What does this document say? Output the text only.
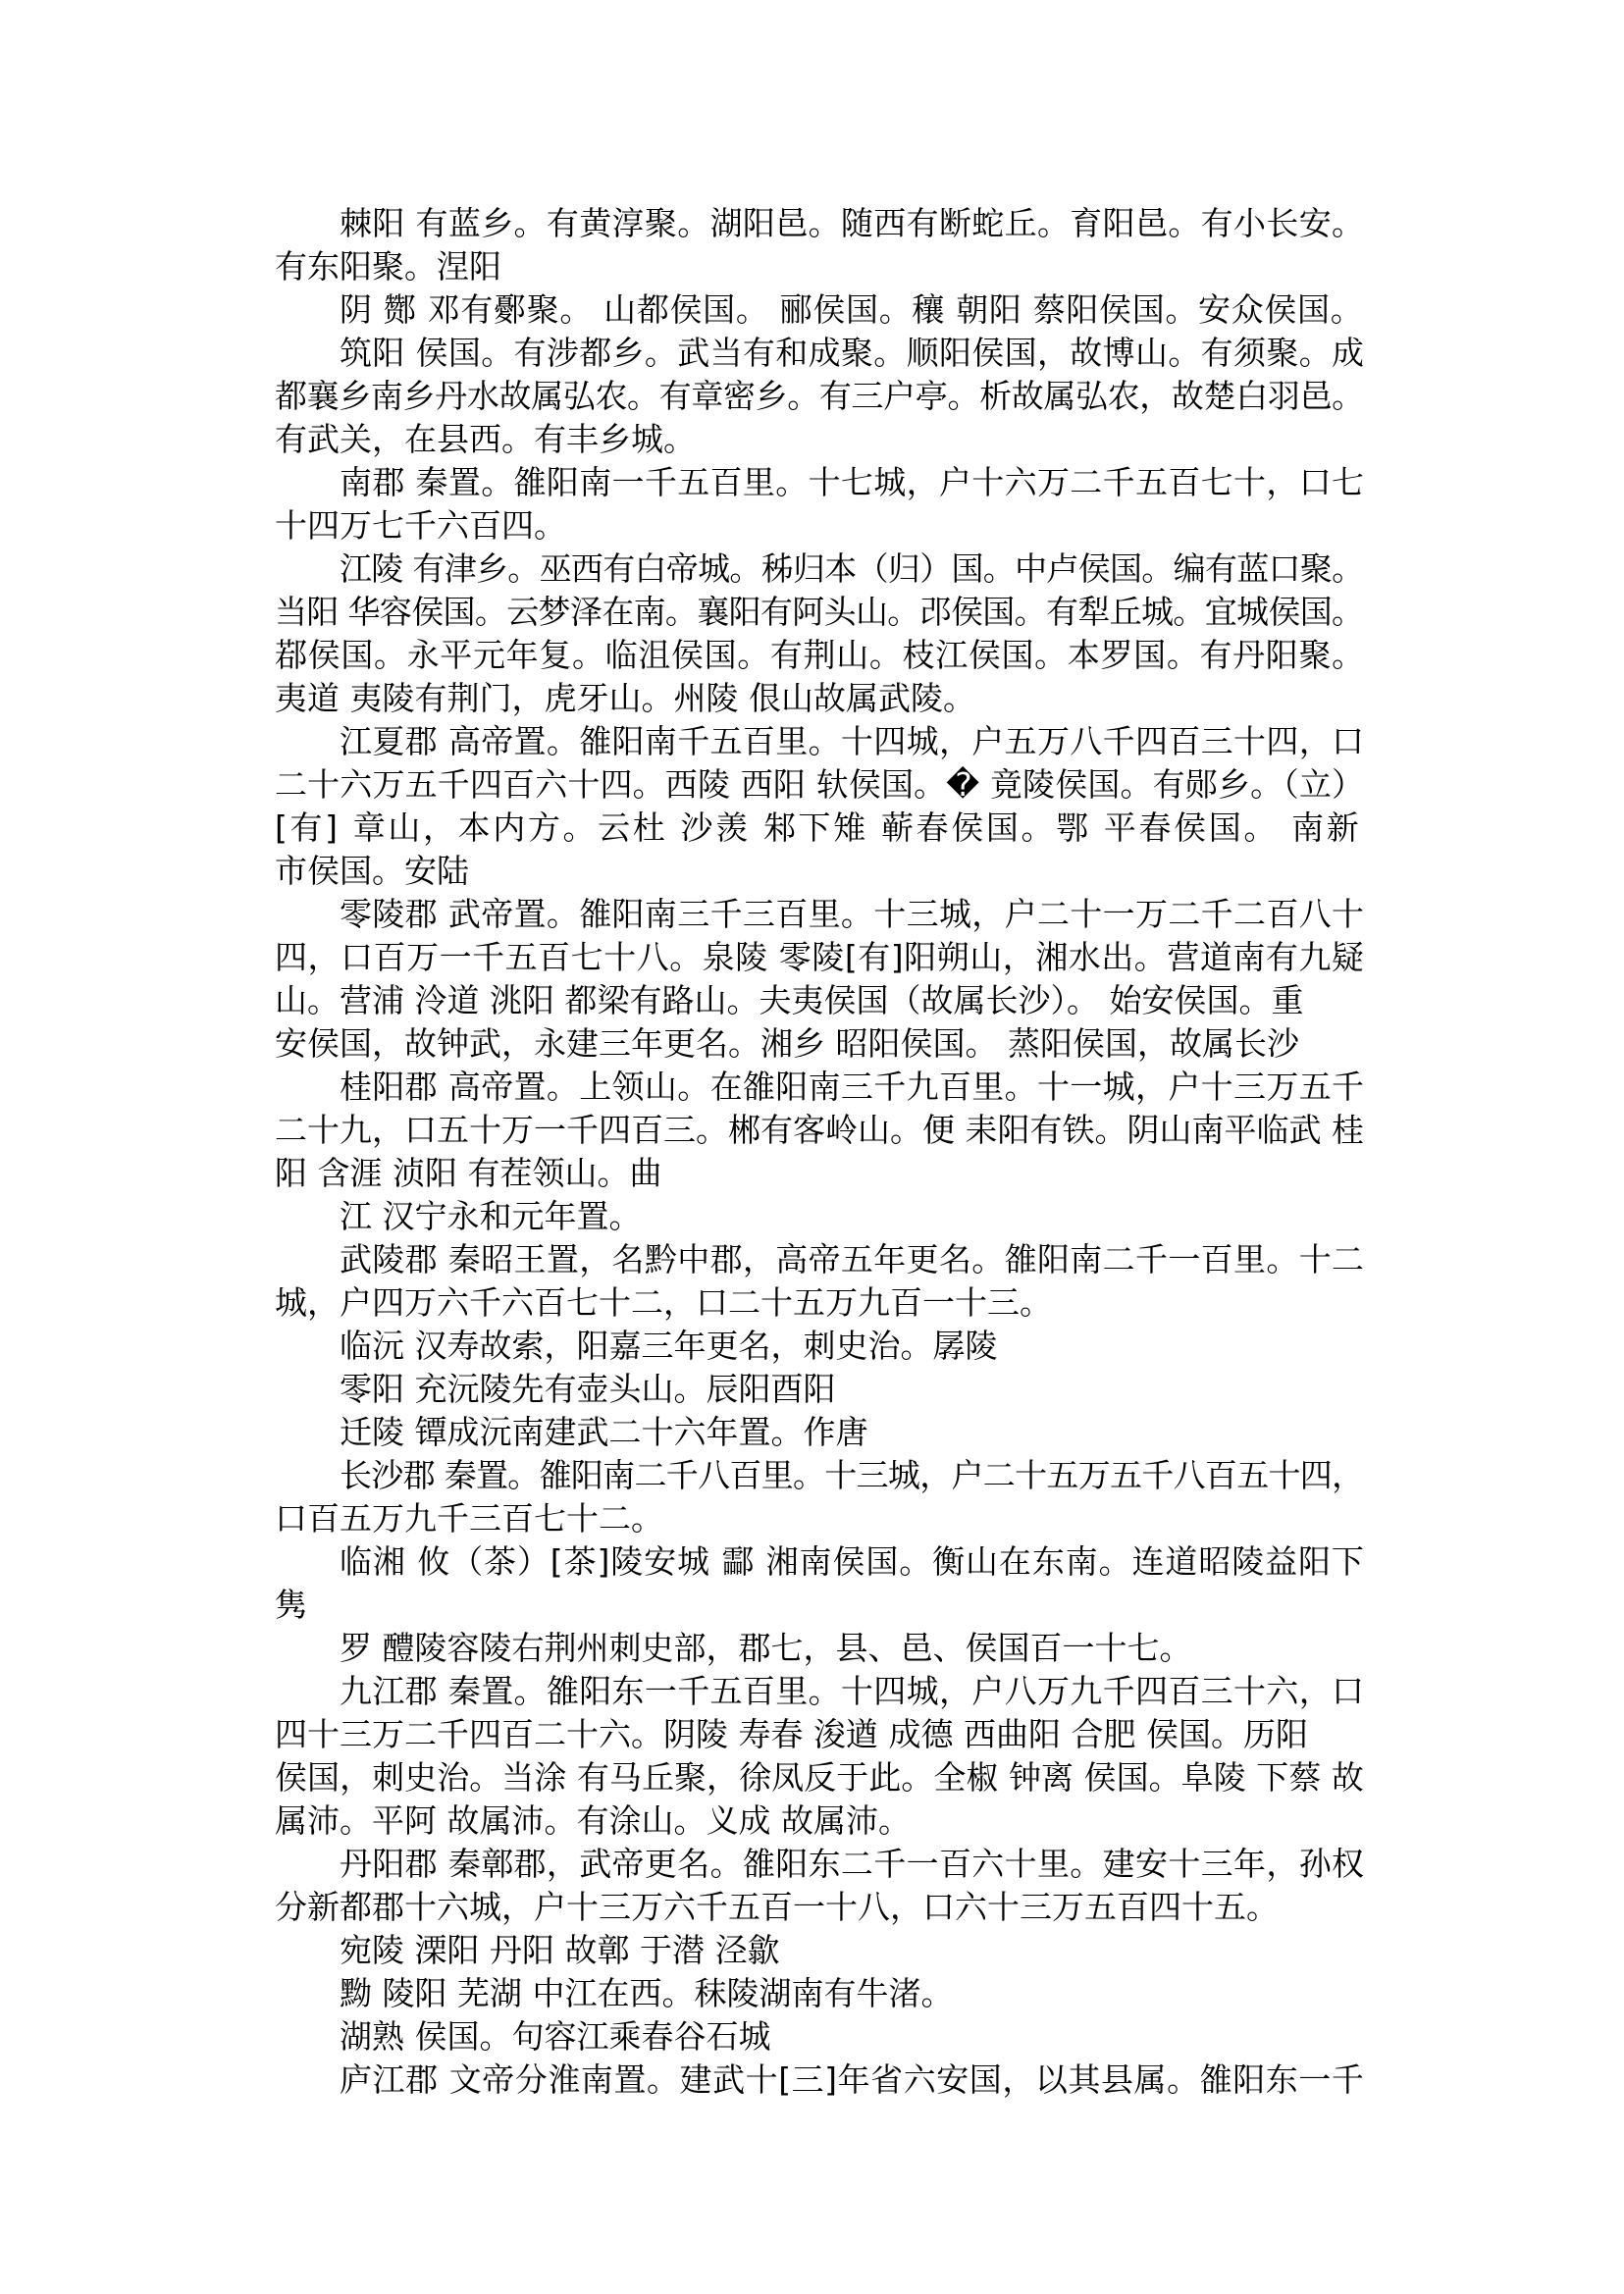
棘阳 有蓝乡。有黄淳聚。湖阳邑。随西有断蛇丘。育阳邑。有小长安。
有东阳聚。涅阳
阴 酂 邓有鄾聚。 山都侯国。 郦侯国。穰 朝阳 蔡阳侯国。安众侯国。
筑阳 侯国。有涉都乡。武当有和成聚。顺阳侯国，故博山。有须聚。成
都襄乡南乡丹水故属弘农。有章密乡。有三户亭。析故属弘农，故楚白羽邑。
有武关，在县西。有丰乡城。
南郡 秦置。雒阳南一千五百里。十七城，户十六万二千五百七十，口七
十四万七千六百四。
江陵 有津乡。巫西有白帝城。秭归本（归）国。中卢侯国。编有蓝口聚。
当阳 华容侯国。云梦泽在南。襄阳有阿头山。邔侯国。有犁丘城。宜城侯国。
鄀侯国。永平元年复。临沮侯国。有荆山。枝江侯国。本罗国。有丹阳聚。
夷道 夷陵有荆门，虎牙山。州陵 佷山故属武陵。
江夏郡 高帝置。雒阳南千五百里。十四城，户五万八千四百三十四，口
二十六万五千四百六十四。西陵 西阳 轪侯国。� 竟陵侯国。有郧乡。（立）
[有] 章山，本内方。云杜 沙羡 邾下雉 蕲春侯国。鄂 平春侯国。 南新
市侯国。安陆
零陵郡 武帝置。雒阳南三千三百里。十三城，户二十一万二千二百八十
四，口百万一千五百七十八。泉陵 零陵[有]阳朔山，湘水出。营道南有九疑
山。营浦 泠道 洮阳 都梁有路山。夫夷侯国（故属长沙）。 始安侯国。重
安侯国，故钟武，永建三年更名。湘乡 昭阳侯国。 蒸阳侯国，故属长沙
桂阳郡 高帝置。上领山。在雒阳南三千九百里。十一城，户十三万五千
二十九，口五十万一千四百三。郴有客岭山。便 耒阳有铁。阴山南平临武 桂
阳 含涯 浈阳 有茬领山。曲
江 汉宁永和元年置。
武陵郡 秦昭王置，名黔中郡，高帝五年更名。雒阳南二千一百里。十二
城，户四万六千六百七十二，口二十五万九百一十三。
临沅 汉寿故索，阳嘉三年更名，刺史治。孱陵
零阳 充沅陵先有壶头山。辰阳酉阳
迁陵 镡成沅南建武二十六年置。作唐
长沙郡 秦置。雒阳南二千八百里。十三城，户二十五万五千八百五十四，
口百五万九千三百七十二。
临湘 攸（茶）[茶]陵安城 酃 湘南侯国。衡山在东南。连道昭陵益阳下
隽
罗 醴陵容陵右荆州刺史部，郡七，县、邑、侯国百一十七。
九江郡 秦置。雒阳东一千五百里。十四城，户八万九千四百三十六，口
四十三万二千四百二十六。阴陵 寿春 浚遒 成德 西曲阳 合肥 侯国。历阳
侯国，刺史治。当涂 有马丘聚，徐凤反于此。全椒 钟离 侯国。阜陵 下蔡 故
属沛。平阿 故属沛。有涂山。义成 故属沛。
丹阳郡 秦鄣郡，武帝更名。雒阳东二千一百六十里。建安十三年，孙权
分新都郡十六城，户十三万六千五百一十八，口六十三万五百四十五。
宛陵 溧阳 丹阳 故鄣 于潜 泾歙
黝 陵阳 芜湖 中江在西。秣陵湖南有牛渚。
湖熟 侯国。句容江乘春谷石城
庐江郡 文帝分淮南置。建武十[三]年省六安国，以其县属。雒阳东一千
